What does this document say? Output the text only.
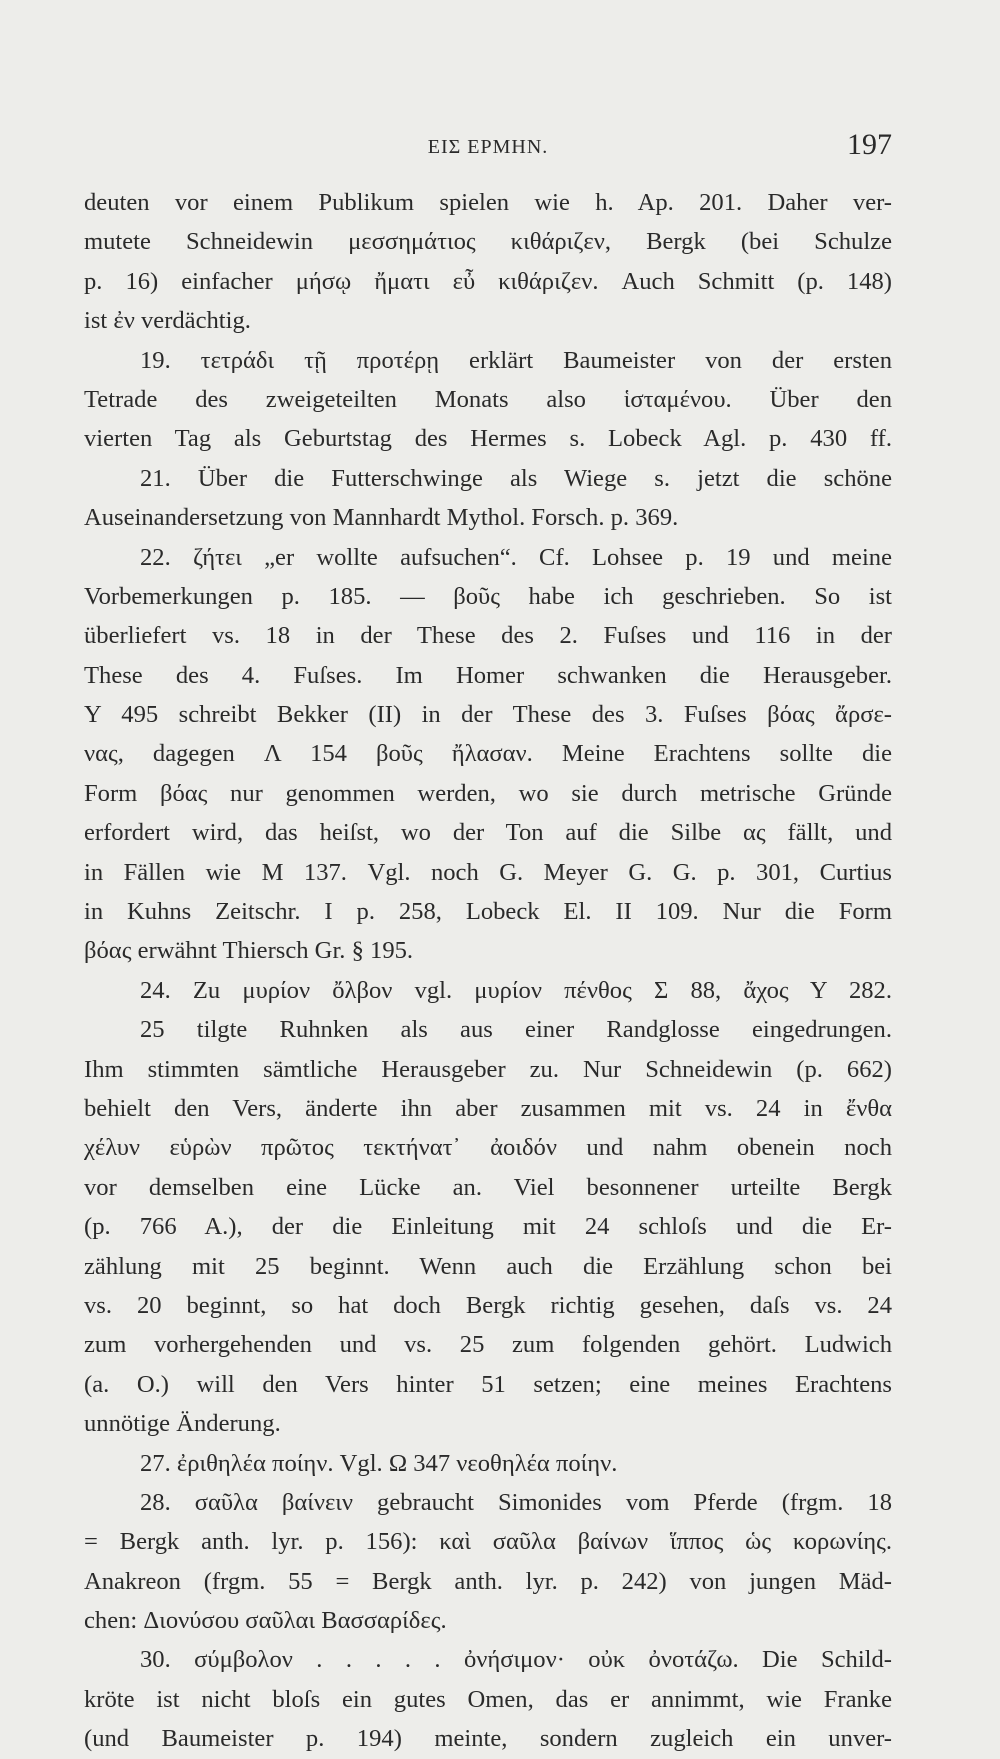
ΕΙΣ ΕΡΜΗΝ.	197
deuten vor einem Publikum spielen wie h. Ap. 201. Daher ver-
mutete Schneidewin μεσσημάτιος κιθάριζεν, Bergk (bei Schulze
p. 16) einfacher μήσῳ ἤματι εὖ κιθάριζεν. Auch Schmitt (p. 148)
ist ἐν verdächtig.
19. τετράδι τῇ προτέρῃ erklärt Baumeister von der ersten
Tetrade des zweigeteilten Monats also ἱσταμένου. Über den
vierten Tag als Geburtstag des Hermes s. Lobeck Agl. p. 430 ff.
21. Über die Futterschwinge als Wiege s. jetzt die schöne
Auseinandersetzung von Mannhardt Mythol. Forsch. p. 369.
22. ζήτει „er wollte aufsuchen“. Cf. Lohsee p. 19 und meine
Vorbemerkungen p. 185. — βοῦς habe ich geschrieben. So ist
überliefert vs. 18 in der These des 2. Fuſses und 116 in der
These des 4. Fuſses. Im Homer schwanken die Herausgeber.
Υ 495 schreibt Bekker (II) in der These des 3. Fuſses βόας ἄρσε-
νας, dagegen Λ 154 βοῦς ἤλασαν. Meine Erachtens sollte die
Form βόας nur genommen werden, wo sie durch metrische Gründe
erfordert wird, das heiſst, wo der Ton auf die Silbe ας fällt, und
in Fällen wie Μ 137. Vgl. noch G. Meyer G. G. p. 301, Curtius
in Kuhns Zeitschr. I p. 258, Lobeck El. II 109. Nur die Form
βόας erwähnt Thiersch Gr. § 195.
24. Zu μυρίον ὄλβον vgl. μυρίον πένθος Σ 88, ἄχος Υ 282.
25 tilgte Ruhnken als aus einer Randglosse eingedrungen.
Ihm stimmten sämtliche Herausgeber zu. Nur Schneidewin (p. 662)
behielt den Vers, änderte ihn aber zusammen mit vs. 24 in ἔνθα
χέλυν εὑρὼν πρῶτος τεκτήνατ᾽ ἀοιδόν und nahm obenein noch
vor demselben eine Lücke an. Viel besonnener urteilte Bergk
(p. 766 A.), der die Einleitung mit 24 schloſs und die Er-
zählung mit 25 beginnt. Wenn auch die Erzählung schon bei
vs. 20 beginnt, so hat doch Bergk richtig gesehen, daſs vs. 24
zum vorhergehenden und vs. 25 zum folgenden gehört. Ludwich
(a. O.) will den Vers hinter 51 setzen; eine meines Erachtens
unnötige Änderung.
27. ἐριθηλέα ποίην. Vgl. Ω 347 νεοθηλέα ποίην.
28. σαῦλα βαίνειν gebraucht Simonides vom Pferde (frgm. 18
= Bergk anth. lyr. p. 156): καὶ σαῦλα βαίνων ἵππος ὡς κορωνίης.
Anakreon (frgm. 55 = Bergk anth. lyr. p. 242) von jungen Mäd-
chen: Διονύσου σαῦλαι Βασσαρίδες.
30. σύμβολον . . . . . ὀνήσιμον· οὐκ ὀνοτάζω. Die Schild-
kröte ist nicht bloſs ein gutes Omen, das er annimmt, wie Franke
(und Baumeister p. 194) meinte, sondern zugleich ein unver-
